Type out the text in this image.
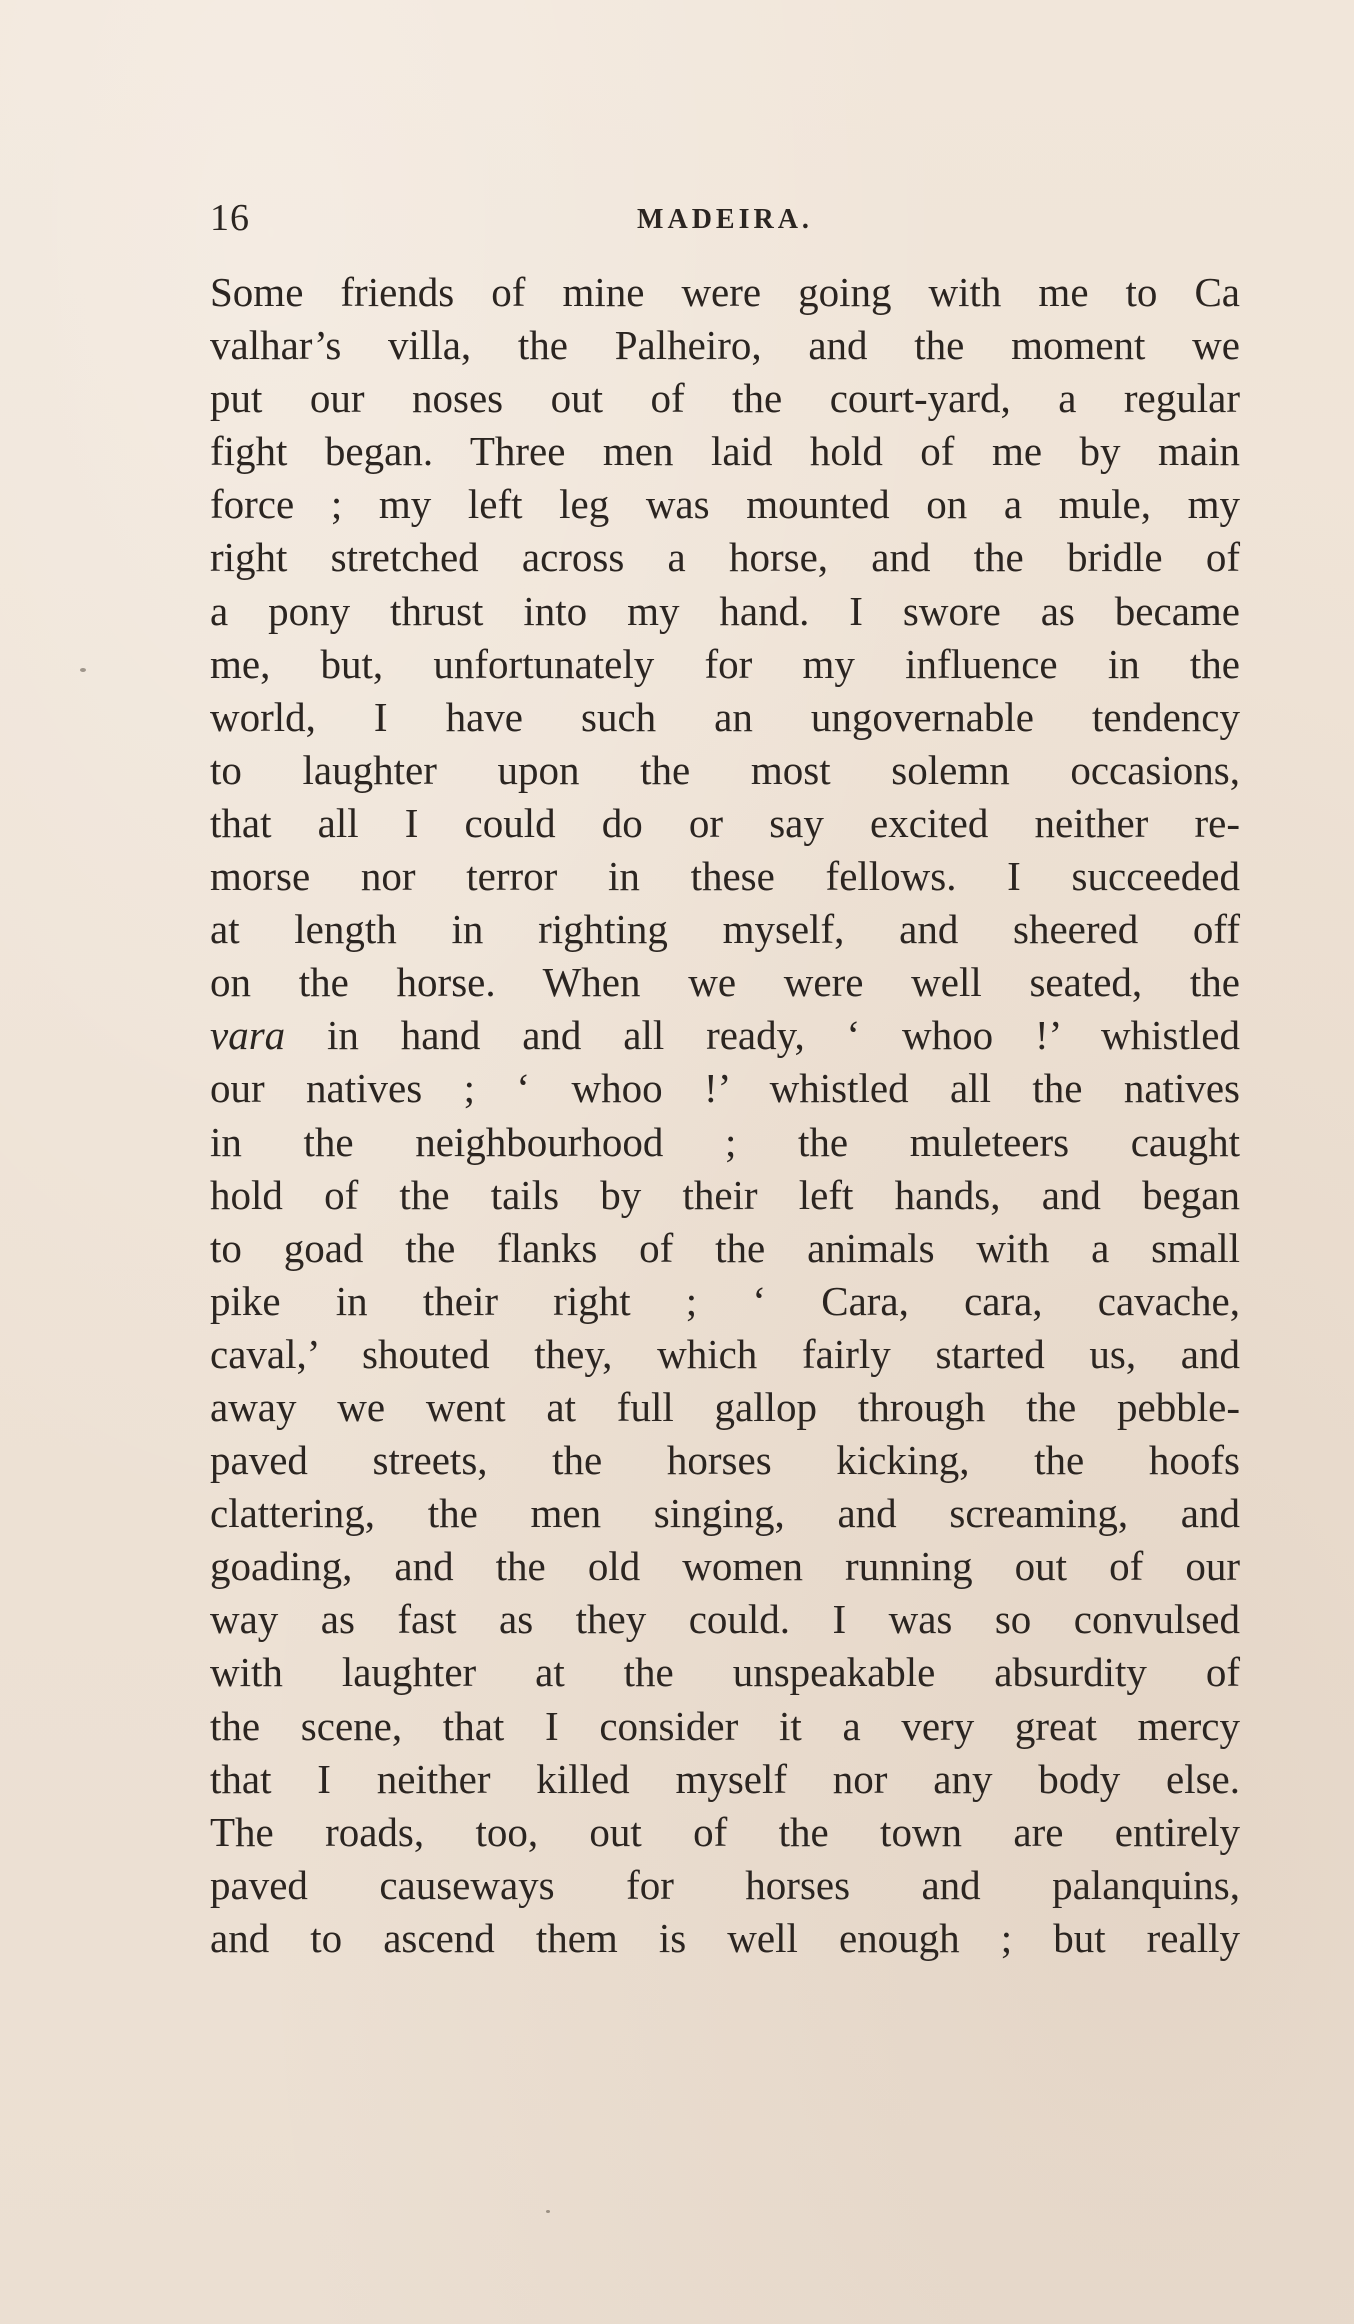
16	MADEIRA.
Some friends of mine were going with me to Ca
valhar’s villa, the Palheiro, and the moment we
put our noses out of the court-yard, a regular
fight began. Three men laid hold of me by main
force ; my left leg was mounted on a mule, my
right stretched across a horse, and the bridle of
a pony thrust into my hand. I swore as became
me, but, unfortunately for my influence in the
world, I have such an ungovernable tendency
to laughter upon the most solemn occasions,
that all I could do or say excited neither re-
morse nor terror in these fellows. I succeeded
at length in righting myself, and sheered off
on the horse. When we were well seated, the
vara in hand and all ready, ‘ whoo !’ whistled
our natives ; ‘ whoo !’ whistled all the natives
in the neighbourhood ; the muleteers caught
hold of the tails by their left hands, and began
to goad the flanks of the animals with a small
pike in their right ; ‘ Cara, cara, cavache,
caval,’ shouted they, which fairly started us, and
away we went at full gallop through the pebble-
paved streets, the horses kicking, the hoofs
clattering, the men singing, and screaming, and
goading, and the old women running out of our
way as fast as they could. I was so convulsed
with laughter at the unspeakable absurdity of
the scene, that I consider it a very great mercy
that I neither killed myself nor any body else.
The roads, too, out of the town are entirely
paved causeways for horses and palanquins,
and to ascend them is well enough ; but really
